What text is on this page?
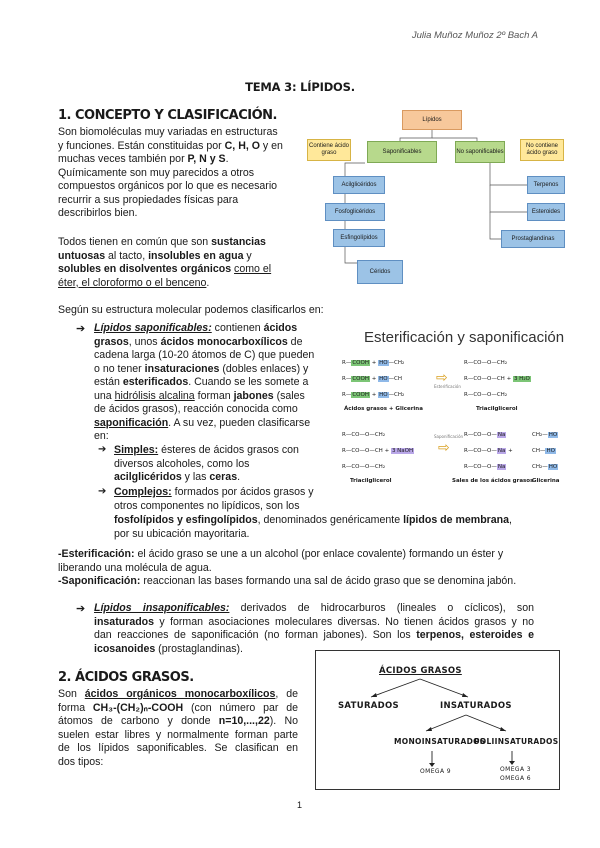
Julia Muñoz Muñoz 2º Bach A
TEMA 3: LÍPIDOS.
1. CONCEPTO Y CLASIFICACIÓN.
Son biomoléculas muy variadas en estructuras
y funciones. Están constituidas por C, H, O y en
muchas veces también por P, N y S.
Químicamente son muy parecidos a otros
compuestos orgánicos por lo que es necesario
recurrir a sus propiedades físicas para
describirlos bien.
Todos tienen en común que son sustancias
untuosas al tacto, insolubles en agua y
solubles en disolventes orgánicos como el
éter, el cloroformo o el benceno.
Lípidos
Contiene ácido graso	Saponificables	No saponificables
No contiene ácido graso
Acilglicéridos
Fosfoglicéridos
Esfingolípidos
Céridos
Terpenos
Esteroides
Prostaglandinas
Según su estructura molecular podemos clasificarlos en:
➔ Lípidos saponificables: contienen ácidos
grasos, unos ácidos monocarboxílicos de
cadena larga (10-20 átomos de C) que pueden
o no tener insaturaciones (dobles enlaces) y
están esterificados. Cuando se les somete a
una hidrólisis alcalina forman jabones (sales
de ácidos grasos), reacción conocida como
saponificación. A su vez, pueden clasificarse
en:
➔ Simples: ésteres de ácidos grasos con
diversos alcoholes, como los
acilglicéridos y las ceras.
➔ Complejos: formados por ácidos grasos y
otros componentes no lipídicos, son los
fosfolípidos y esfingolípidos, denominados genéricamente lípidos de membrana,
por su ubicación mayoritaria.
Esterificación y saponificación
R—COOH + HO—CH₂
R—COOH + HO—CH
R—COOH + HO—CH₂
⇨
Esterificación
R—CO—O—CH₂
R—CO—O—CH + 3 H₂O
R—CO—O—CH₂
Ácidos grasos + Glicerina	Triacilglicerol
R—CO—O—CH₂
R—CO—O—CH + 3 NaOH
R—CO—O—CH₂
⇨
Saponificación R—CO—O—Na
R—CO—O—Na +
R—CO—O—Na
CH₂—HO
CH—HO
CH₂—HO
Triacilglicerol	Sales de los ácidos grasos
Glicerina
-Esterificación: el ácido graso se une a un alcohol (por enlace covalente) formando un éster y
liberando una molécula de agua.
-Saponificación: reaccionan las bases formando una sal de ácido graso que se denomina jabón.
➔ Lípidos insaponificables: derivados de hidrocarburos (lineales o cíclicos), son
insaturados y forman asociaciones moleculares diversas. No tienen ácidos grasos y no
dan reacciones de saponificación (no forman jabones). Son los terpenos, esteroides e
icosanoides (prostaglandinas).
2. ÁCIDOS GRASOS.
Son ácidos orgánicos monocarboxílicos, de
forma CH₃-(CH₂)ₙ-COOH (con número par de
átomos de carbono y donde n=10,...,22). No
suelen estar libres y normalmente forman parte
de los lípidos saponificables. Se clasifican en
dos tipos:
ÁCIDOS GRASOS
SATURADOS	INSATURADOS
MONOINSATURADOS
POLIINSATURADOS
OMEGA 9	OMEGA 3
OMEGA 6
1
